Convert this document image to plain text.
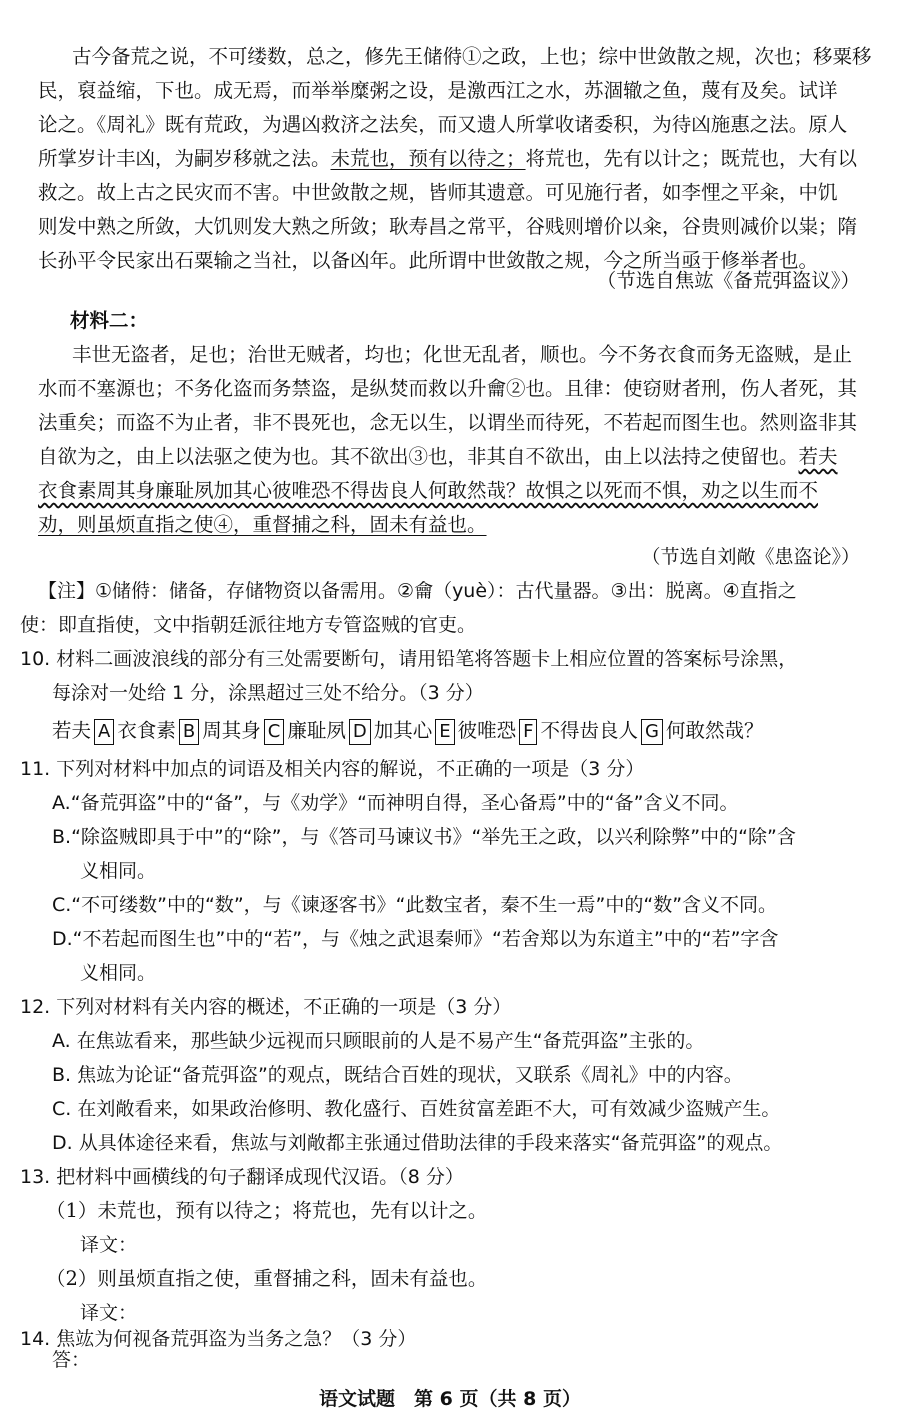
古今备荒之说，不可缕数，总之，修先王储偫①之政，上也；综中世敛散之规，次也；移粟移
民，裒益缩，下也。成无焉，而举举糜粥之设，是激西江之水，苏涸辙之鱼，蔑有及矣。试详
论之。《周礼》既有荒政，为遇凶救济之法矣，而又遗人所掌收诸委积，为待凶施惠之法。原人
所掌岁计丰凶，为嗣岁移就之法。未荒也，预有以待之；将荒也，先有以计之；既荒也，大有以
救之。故上古之民灾而不害。中世敛散之规，皆师其遗意。可见施行者，如李悝之平籴，中饥
则发中熟之所敛，大饥则发大熟之所敛；耿寿昌之常平，谷贱则增价以籴，谷贵则减价以粜；隋
长孙平令民家出石粟输之当社，以备凶年。此所谓中世敛散之规，今之所当亟于修举者也。
（节选自焦竑《备荒弭盗议》）
材料二：
丰世无盗者，足也；治世无贼者，均也；化世无乱者，顺也。今不务衣食而务无盗贼，是止
水而不塞源也；不务化盗而务禁盗，是纵焚而救以升龠②也。且律：使窃财者刑，伤人者死，其
法重矣；而盗不为止者，非不畏死也，念无以生，以谓坐而待死，不若起而图生也。然则盗非其
自欲为之，由上以法驱之使为也。其不欲出③也，非其自不欲出，由上以法持之使留也。若夫
衣食素周其身廉耻夙加其心彼唯恐不得齿良人何敢然哉？故惧之以死而不惧，劝之以生而不
劝，则虽烦直指之使④，重督捕之科，固未有益也。
（节选自刘敞《患盗论》）
【注】①储偫：储备，存储物资以备需用。②龠（yuè）：古代量器。③出：脱离。④直指之
使：即直指使，文中指朝廷派往地方专管盗贼的官吏。
10. 材料二画波浪线的部分有三处需要断句，请用铅笔将答题卡上相应位置的答案标号涂黑，
每涂对一处给 1 分，涂黑超过三处不给分。（3 分）
若夫 A 衣食素 B 周其身 C 廉耻夙 D 加其心 E 彼唯恐 F 不得齿良人 G 何敢然哉？
11. 下列对材料中加点的词语及相关内容的解说，不正确的一项是（3 分）
A.“备荒弭盗”中的“备”，与《劝学》“而神明自得，圣心备焉”中的“备”含义不同。
B.“除盗贼即具于中”的“除”，与《答司马谏议书》“举先王之政，以兴利除弊”中的“除”含
义相同。
C.“不可缕数”中的“数”，与《谏逐客书》“此数宝者，秦不生一焉”中的“数”含义不同。
D.“不若起而图生也”中的“若”，与《烛之武退秦师》“若舍郑以为东道主”中的“若”字含
义相同。
12. 下列对材料有关内容的概述，不正确的一项是（3 分）
A. 在焦竑看来，那些缺少远视而只顾眼前的人是不易产生“备荒弭盗”主张的。
B. 焦竑为论证“备荒弭盗”的观点，既结合百姓的现状，又联系《周礼》中的内容。
C. 在刘敞看来，如果政治修明、教化盛行、百姓贫富差距不大，可有效减少盗贼产生。
D. 从具体途径来看，焦竑与刘敞都主张通过借助法律的手段来落实“备荒弭盗”的观点。
13. 把材料中画横线的句子翻译成现代汉语。（8 分）
（1）未荒也，预有以待之；将荒也，先有以计之。
译文：
（2）则虽烦直指之使，重督捕之科，固未有益也。
译文：
14. 焦竑为何视备荒弭盗为当务之急？（3 分）
答：
语文试题　第 6 页（共 8 页）
